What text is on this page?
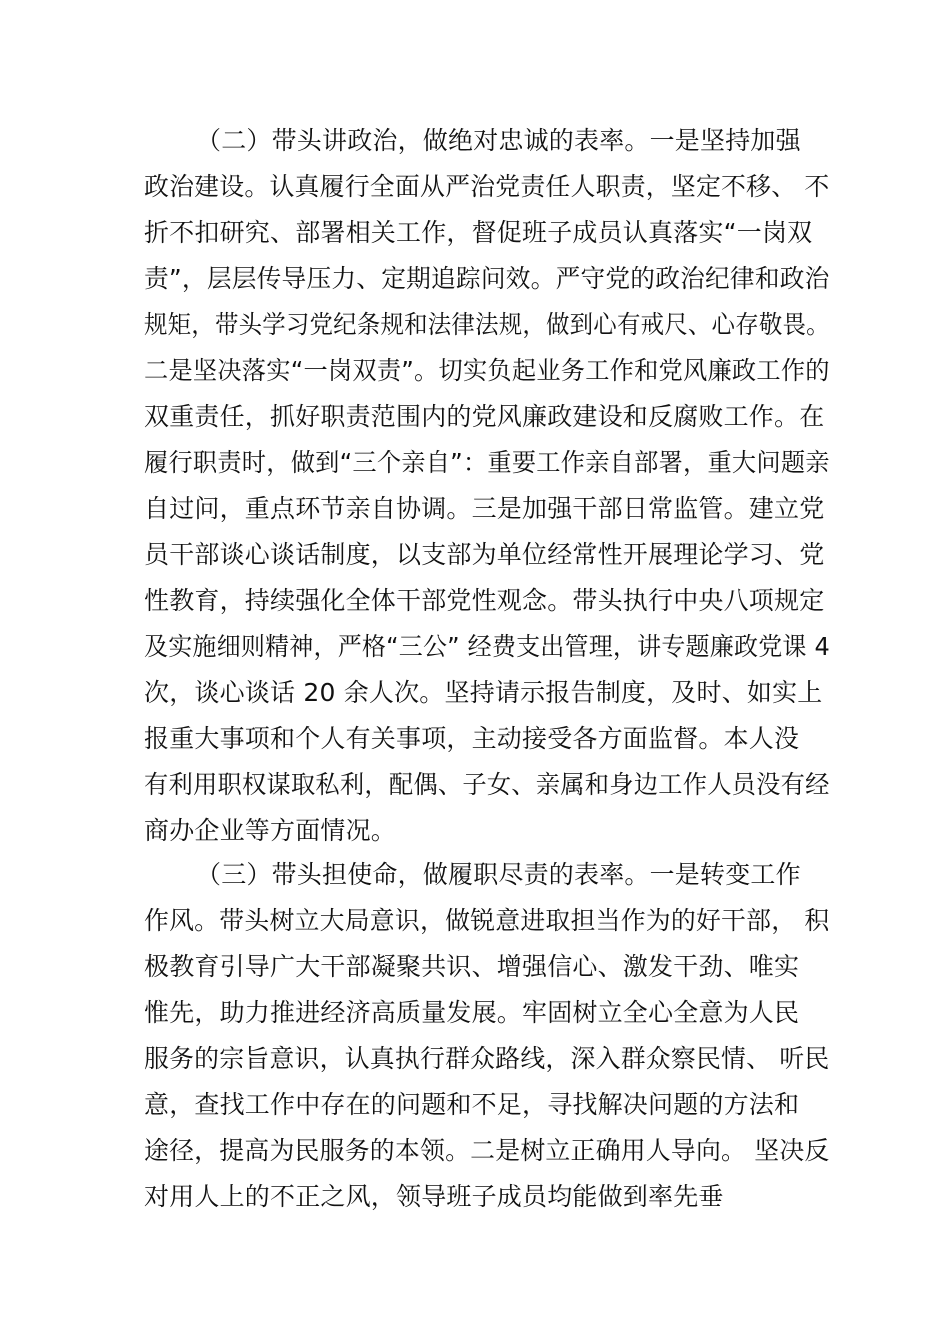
（二）带头讲政治，做绝对忠诚的表率。一是坚持加强
政治建设。认真履行全面从严治党责任人职责，坚定不移、 不
折不扣研究、部署相关工作，督促班子成员认真落实“一岗双
责”，层层传导压力、定期追踪问效。严守党的政治纪律和政治
规矩，带头学习党纪条规和法律法规，做到心有戒尺、心存敬畏。
二是坚决落实“一岗双责”。切实负起业务工作和党风廉政工作的
双重责任，抓好职责范围内的党风廉政建设和反腐败工作。在
履行职责时，做到“三个亲自”：重要工作亲自部署，重大问题亲
自过问，重点环节亲自协调。三是加强干部日常监管。建立党
员干部谈心谈话制度，以支部为单位经常性开展理论学习、党
性教育，持续强化全体干部党性观念。带头执行中央八项规定
及实施细则精神，严格“三公” 经费支出管理，讲专题廉政党课 4
次，谈心谈话 20 余人次。坚持请示报告制度，及时、如实上
报重大事项和个人有关事项，主动接受各方面监督。本人没
有利用职权谋取私利，配偶、子女、亲属和身边工作人员没有经
商办企业等方面情况。
（三）带头担使命，做履职尽责的表率。一是转变工作
作风。带头树立大局意识，做锐意进取担当作为的好干部， 积
极教育引导广大干部凝聚共识、增强信心、激发干劲、唯实
惟先，助力推进经济高质量发展。牢固树立全心全意为人民
服务的宗旨意识，认真执行群众路线，深入群众察民情、 听民
意，查找工作中存在的问题和不足，寻找解决问题的方法和
途径，提高为民服务的本领。二是树立正确用人导向。 坚决反
对用人上的不正之风，领导班子成员均能做到率先垂
